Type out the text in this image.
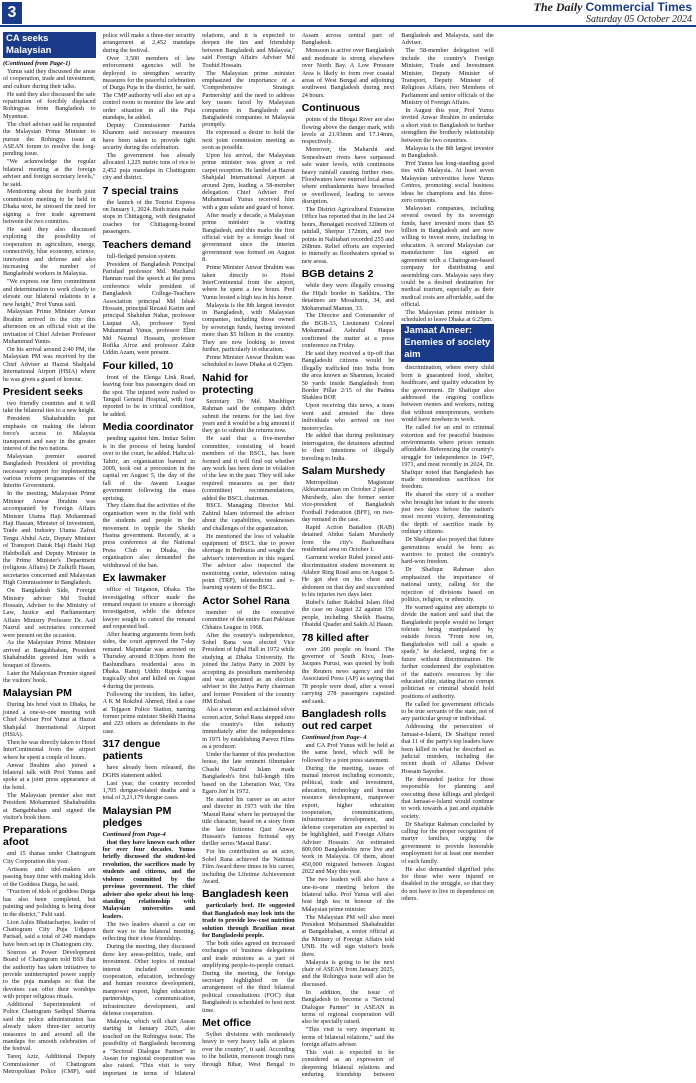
3	The Daily Commercial Times
Saturday 05 October 2024
CA seeks Malaysian

(Continued from Page-1)

Yunus said they discussed the areas of cooperation, trade and investment, and culture during their talks.

He said they also discussed the safe repatriation of forcibly displaced Rohingyas from Bangladesh to Myanmar.

The chief adviser said he requested the Malaysian Prime Minister to pursue the Rohingya issue at ASEAN forum to resolve the long-pending issue.

"We acknowledge the regular bilateral meeting at the foreign adviser and foreign secretary levels," he said.

Mentioning about the fourth joint commission meeting to be held in Dhaka next, he stressed the need for signing a free trade agreement between the two countries.

He said they also discussed exploring the possibility of cooperation in agriculture, energy, connectivity, blue economy, science, innovation and defense and also increasing the number of Bangladeshi workers in Malaysia.

"We express our firm commitment and determination to work closely to elevate our bilateral relations to a new height," Prof Yunus said.

Malaysian Prime Minister Anwar Ibrahim arrived in the city this afternoon on an official visit at the invitation of Chief Adviser Professor Muhammad Yunus.

On his arrival around 2:40 PM, the Malaysian PM was received by the Chief Adviser at Hazrat Shahjalal International Airport (HSIA) where he was given a guard of honour.

President seeks

two friendly countries and it will take the bilateral ties to a new height.

President Shahabuddin put emphasis on making the labour force's access to Malaysia transparent and easy in the greater interest of the two nations.

Malaysian premier assured Bangladesh President of providing necessary support for implementing various reform programmes of the Interim Government.

In the meeting, Malaysian Prime Minister Anwar Ibrahim was accompanied by Foreign Affairs Minister Utama Haji Mohammad Haji Hassan, Minister of Investment, Trade and Industry Utama Zafrul Tengu Abdul Aziz, Deputy Minister of Transport Datuk Haji Hasbi Haji Habibollah and Deputy Minister in the Prime Minister's Department (religious Affairs) Dr Zulkifli Hasan, secretaries concerned and Malaysian High Commissioner to Bangladesh.

On Bangladesh Side, Foreign Ministry adviser Md Touhid Hossain, Adviser to the Ministry of Law, Justice and Parliamentary Affairs Ministry Professor Dr. Asif Nazrul and secretaries concerned were present on the occasion.

As the Malaysian Prime Minister arrived at Bangabhaban, President Shahabuddin greeted him with a bouquet of flowers.

Later the Malaysian Premier signed the visitors' book.

Malaysian PM

During his brief visit to Dhaka, he joined a one-to-one meeting with Chief Adviser Prof Yunus at Hazrat Shahjalal International Airport (HSIA).

Then he was directly taken to Hotel InterContinental from the airport where he spent a couple of hours.

Anwar Ibrahim also joined a bilateral talk with Prof Yunus and spoke at a joint press appearance at the hotel.

The Malaysian premier also met President Mohammed Shahabuddin at Bangabhaban and signed the visitor's book there.

Preparations afoot

and 15 thanas under Chattogram City Corporation this year.

Artisans and idol-makers are passing busy time with making idols of the Goddess Durga, he said.

"Fraction of idols of goddess Durga has also been completed, but painting and polishing is being done in the district," Palit said.

Lion Ashis Bhattacharjee, leader of Chattogram City Puja Udjapon Parisad, said a total of 240 mandaps have been set up in Chattogram city.

Sources at Power Development Board of Chattogram told BSS that the authority has taken initiatives to provide uninterrupted power supply to the puja mandaps so that the devotees can offer their worships with proper religious rituals.

Additional Superintendent of Police Chattogram Sadiqul Sharma said the police administration has already taken three-tier security measures in and around all the mandaps for smooth celebration of the festival.

Tareq Aziz, Additional Deputy Commissioner of Chattogram Metropolitan Police (CMP), said police will make a three-tier security arrangement at 2,452 mandaps during the festival.

Over 3,500 members of law enforcement agencies will be deployed to strengthen security measures for the peaceful celebration of Durga Puja in the district, he said. The CMP authority will also set up a control room to monitor the law and order situation in all the Puja mandaps, he added.

Deputy Commissioner Farida Khanom said necessary measures have been taken to provide tight security during the celebration.

The government has already allocated 1,225 metric tons of rice to 2,452 puja mandaps in Chattogram city and district.

7 special trains

the launch of the Tourist Express on January 1, 2024. Both trains make stops in Chittagong, with designated coaches for Chittagong-bound passengers.

Teachers demand

full-fledged pension system.

President of Bangladesh Principal Parishad professor Md. Mazharul Hannan read the speech at the press conference while president of Bangladesh College-Teachers Association principal Md Ishak Hossain, principal Rezaul Karim and principal Shahidun Nahar, professor Liaquat Ali, professor Syed Muhammad Yunus, professor Elim Md Nazmul Hossain, professor Rofika Afroz and professor Zahir Uddin Azam, were present.

Four killed, 10

front of the Elenga Link Road, leaving four bus passengers dead on the spot. The injured were rushed to Tangail General Hospital, with four reported to be in critical condition, he added.

Media coordinator

pending against him. Imtiaz Selim is in the process of being handed over to the court, he added. Hafiz ul-Tahrir, an organisation banned in 2009, took out a procession in the capital on August 5, the day of the fall of the Awami League government following the mass uprising.

They claim that the activities of the organisation were in the field with the students and people in the movement to topple the Sheikh Hasina government. Recently, at a press conference at the National Press Club in Dhaka, the organisation also demanded the withdrawal of the ban.

Ex lawmaker

office of Teiganon, Dhaka. The investigating officer made the remand request to ensure a thorough investigation, while the defence lawyer sought to cancel the remand and requested bail.

After hearing arguments from both sides, the court approved the 7-day remand. Majumdar was arrested on Thursday around 8:30pm from the Bashundhara residential area in Dhaka. Ramij Uddin Rupok was tragically shot and killed on August 4 during the protests.

Following the incident, his father, A K M Rokibul Ahmed, filed a case at Tejgaon Police Station, naming former prime minister Sheikh Hasina and 223 others as defendants in the case.

317 dengue patients

have already been released, the DGHS statement added.

Last year, the country recorded 1,705 dengue-related deaths and a total of 3,21,179 dengue cases.

Malaysian PM pledges

Continued from Page-4

that they have known each other for over four decades. Yunus briefly discussed the student-led revolution, the sacrifices made by students and citizens, and the violence committed by the previous government. The chief adviser also spoke about his long-standing relationship with Malaysian universities and leaders.

The two leaders shared a car on their way to the bilateral meeting, reflecting their close friendship.

During the meeting, they discussed three key areas-politics, trade, and investment. Other topics of mutual interest included economic cooperation, education, technology and human resource development, manpower export, higher education partnerships, communication, infrastructure development, and defense cooperation.

Malaysia, which will chair Asean starting in January 2025, also touched on the Rohingya issue. The possibility of Bangladesh becoming a "Sectoral Dialogue Partner" in Asean for regional cooperation was also raised. "This visit is very important in terms of bilateral relations, and it is expected to deepen the ties and friendship between Bangladesh and Malaysia," said Foreign Affairs Adviser Md Touhid Hossain.

The Malaysian prime minister emphasized the importance of a 'Comprehensive Strategic Partnership' and the need to address key issues faced by Malaysian companies in Bangladesh and Bangladeshi companies in Malaysia promptly.

He expressed a desire to hold the next joint commission meeting as soon as possible.

Upon his arrival, the Malaysian prime minister was given a red carpet reception. He landed at Hazrat Shahjalal International Airport at around 2pm, leading a 58-member delegation. Chief Adviser Prof Muhammad Yunus received him with a gun salute and guard of honor.

After nearly a decade, a Malaysian prime minister is visiting Bangladesh, and this marks the first official visit by a foreign head of government since the interim government was formed on August 8.

Prime Minister Anwar Ibrahim was taken directly to Hotel InterContinental from the airport, where he spent a few hours. Prof Yunus hosted a high tea in his honor.

Malaysia is the 8th largest investor in Bangladesh, with Malaysian companies, including those owned by sovereign funds, having invested more than $5 billion in the country. They are now looking to invest further, particularly in education.

Prime Minister Anwar Ibrahim was scheduled to leave Dhaka at 6:25pm.

Nahid for protecting

Secretary Dr Md. Mushfiqur Rahman said the company didn't submit the returns for the last five years and it would be a big amount if they go to submit the returns now.

He said that a five-member committee, consisting of board members of the BSCL, has been formed and it will find out whether any work has been done in violation of the law in the past. They will take required measures as per their (committee) recommendations, added the BSCL chairman.

BSCL Managing Director Md. Zahirul Islam informed the advisor about the capabilities, weaknesses and challenges of the organization.

He mentioned the loss of valuable equipment of BSCL due to power shortage in Betbunia and sought the adviser's intervention in this regard. The advisor also inspected the monitoring center, television rating point (TRP), telemedicine and e-learning system of the BSCL.

Actor Sohel Rana

member of the executive committee of the entire East Pakistan Chhatra League in 1968.

After the country's independence, Sohel Rana was elected Vice President of Iqbal Hall in 1972 while studying at Dhaka University. He joined the Jatiya Party in 2009 by accepting its presidium membership and was appointed as an election adviser to the Jatiya Party chairman and former President of the country HM Ershad.

Also a veteran and acclaimed silver screen actor, Sohel Rana stepped into the country's film industry immediately after the independence in 1971 by establishing Parvez Films as a producer.

Under the banner of this production house, the late eminent filmmaker Chashi Nazrul Islam made Bangladesh's first full-length film based on the Liberation War, 'Ora Egaro Jon' in 1972.

He started his career as an actor and director in 1973 with the film 'Masud Rana' where he portrayed the title character, based on a story from the late fictionist Qazi Anwar Hussain's famous fictional spy thriller series 'Masud Rana'.

For his contribution as an actor, Sohel Rana achieved the National Film Award three times in his career, including the Lifetime Achievement Award.

Bangladesh keen

particularly beef. He suggested that Bangladesh may look into the trade to provide low-cost nutrition solution through Brazilian meat for Bangladeshi people.

The both sides agreed on increased exchanges of business delegations and trade missions as a part of amplifying people-to-people contact. During the meeting, the foreign secretary highlighted on the arrangement of the third bilateral political consultations (FOC) that Bangladesh is scheduled to host next time.

Met office

Sylhet divisions with moderately heavy to very heavy falls at places over the country", it said. According to the bulletin, monsoon trough runs through Bihar, West Bengal to Assam across central part of Bangladesh.

Monsoon is active over Bangladesh and moderate to strong elsewhere over North Bay. A Low Pressure Area is likely to form over coastal areas of West Bengal and adjoining southwest Bangladesh during next 24 hours.

Continuous

points of the Bhogai River are also flowing above the danger mark, with levels at 21.93mm and 17.14mm, respectively.

Moreover, the Maharshi and Someshwari rivers have surpassed safe water levels, with continuous heavy rainfall causing further rises. Floodwaters have entered local areas where embankments have breached or overflowed, leading to severe disruption.

The District Agricultural Extension Office has reported that in the last 24 hours, Jhenaigati received 320mm of rainfall, Sherpur 172mm, and two points in Nalitabari recorded 255 and 268mm. Relief efforts are expected to intensify as floodwaters spread to new areas.

BGB detains 2

while they were illegally crossing the Hijali border in Satkhira. The detainees are Mosahurra, 34, and Mohammad Mamun, 33.

The Director and Commander of the BGB-33, Lieutenant Colonel Mohammad Ashraful Haque confirmed the matter at a press conference on Friday.

He said they received a tip-off that Bangladeshi citizens would be illegally trafficked into India from the area known as Shamnan, located 50 yards inside Bangladesh from Border Pillar 2/15 of the Padma Shakhra BOP.

Upon receiving this news, a team went and arrested the three individuals who arrived on two motorcycles.

He added that during preliminary interrogation, the detainees admitted to their intentions of illegally traveling to India.

Salam Murshedy

Metropolitan Magistrate Akhtaruzzaman on October 2 placed Murshedy, also the former senior vice-president of Bangladesh Football Federation (BFF), on two-day remand in the case.

Rapid Action Battalion (RAB) detained Abdus Salam Murshedy from the city's Bashundhara residential area on October 1.

Garment worker Rubel joined anti-discrimination student movement in Adabor Ring Road area on August 5. He got shot on his chest and abdomen on that day and succumbed to his injuries two days later.

Rubel's father Rakibul Islam filed the case on August 22 against 156 people, including Sheikh Hasina, Obaidul Quader and Sakib Al Hasan.

78 killed after

over 200 people on board. The governor of South Kivu, Jean-Jacques Purusi, was quoted by both the Reuters news agency and the Associated Press (AP) as saying that 78 people were dead, after a vessel carrying 278 passengers capsized and sank.

Bangladesh rolls out red carpet

Continued from Page- 4

and CA Prof Yunus will be held at the same hotel, which will be followed by a joint press statement.

During the meeting, issues of mutual interest including economic, political, trade and investment, education, technology and human resource development, manpower export, higher education cooperation, communications, infrastructure development, and defense cooperation are expected to be highlighted, said Foreign Affairs Adviser Hossain. An estimated 800,000 Bangladeshis now live and work in Malaysia. Of them, about 450,000 migrated between August 2022 and May this year.

The two leaders will also have a one-to-one meeting before the bilateral talks. Prof Yunus will also host high tea in honour of the Malaysian prime minister.

The Malaysian PM will also meet President Mohammed Shahabuddin at Bangabhaban, a senior official at the Ministry of Foreign Affairs told UNB. He will sign visitor's book there.

Malaysia is going to be the next chair of ASEAN from January 2025, and the Rohingya issue will also be discussed.

In addition, the issue of Bangladesh to become a "Sectoral Dialogue Partner" in ASEAN in terms of regional cooperation will also be specially raised.

"This visit is very important in terms of bilateral relations," said the foreign affairs adviser.

This visit is expected to be considered as an expression of deepening bilateral relations and enduring friendship between Bangladesh and Malaysia, said the Adviser.

The 58-member delegation will include the country's Foreign Minister, Trade and Investment Minister, Deputy Minister of Transport, Deputy Minister of Religious Affairs, two Members of Parliament and senior officials of the Ministry of Foreign Affairs.

In August this year, Prof Yunus invited Anwar Ibrahim to undertake a short visit to Bangladesh to further strengthen the brotherly relationship between the two countries.

Malaysia is the 8th largest investor in Bangladesh.

Prof Yunus has long-standing good ties with Malaysia. At least seven Malaysian universities have Yunus Centres, promoting social business ideas he champions and his three-zero concepts.

Malaysian companies, including several owned by its sovereign funds, have invested more than $5 billion in Bangladesh and are now willing to invest more, including in education. A second Malaysian car manufacturer has signed an agreement with a Chattogram-based company for distributing and assembling cars. Malaysia says they could be a desired destination for medical tourism, especially as their medical costs are affordable, said the official.

The Malaysian prime minister is scheduled to leave Dhaka at 6:25pm.

Jamaat Ameer: Enemies of society aim

discrimination, where every child born is guaranteed food, shelter, healthcare, and quality education by the government. Dr Shafiqur also addressed the ongoing conflicts between owners and workers, noting that without entrepreneurs, workers would have nowhere to work.

He called for an end to criminal extortion and for peaceful business environments where prices remain affordable. Referencing the country's struggle for independence in 1947, 1971, and most recently in 2024, Dr. Shafiqur noted that Bangladesh has made tremendous sacrifices for freedom.

He shared the story of a mother who brought her infant to the streets just two days before the nation's most recent victory, demonstrating the depth of sacrifice made by ordinary citizens.

Dr Shafiqur also prayed that future generations would be born as warriors to protect the country's hard-won freedom.

Dr Shafiqur Rahman also emphasized the importance of national unity, calling for the rejection of divisions based on politics, religion, or ethnicity.

He warned against any attempts to divide the nation and said that the Bangladeshi people would no longer tolerate being manipulated by outside forces. "From now on, Bangladeshis will call a spade a spade," he declared, urging for a future without discrimination. He further condemned the exploitation of the nation's resources by the educated elite, stating that no corrupt politician or criminal should hold positions of authority.

He called for government officials to be true servants of the state, not of any particular group or individual.

Addressing the persecution of Jamaat-e-Islami, Dr Shafiqur noted that 11 of the party's top leaders have been killed in what he described as judicial murders, including the recent death of Allama Delwar Hossain Sayedee.

He demanded justice for those responsible for planning and executing these killings and pledged that Jamaat-e-Islami would continue to work towards a just and equitable society.

Dr Shafiqur Rahman concluded by calling for the proper recognition of martyr families, urging the government to provide honorable employment for at least one member of each family.

He also demanded dignified jobs for those who were injured or disabled in the struggle, so that they do not have to live in dependence on others.
